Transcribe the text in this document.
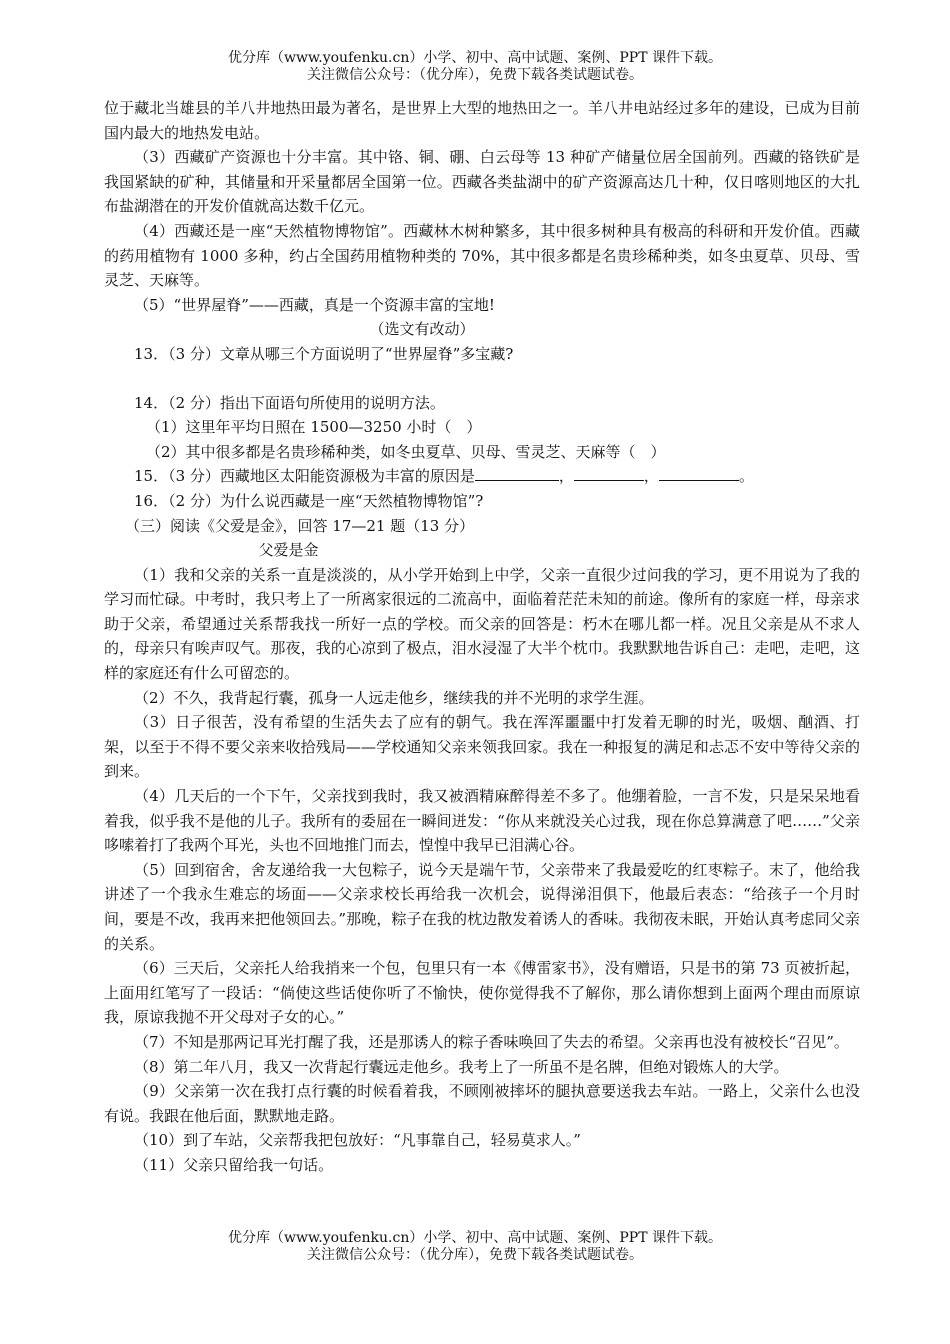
优分库（www.youfenku.cn）小学、初中、高中试题、案例、PPT 课件下载。
关注微信公众号：（优分库），免费下载各类试题试卷。

位于藏北当雄县的羊八井地热田最为著名，是世界上大型的地热田之一。羊八井电站经过多年的建设，已成为目前国内最大的地热发电站。

（3）西藏矿产资源也十分丰富。其中铬、铜、硼、白云母等 13 种矿产储量位居全国前列。西藏的铬铁矿是我国紧缺的矿种，其储量和开采量都居全国第一位。西藏各类盐湖中的矿产资源高达几十种，仅日喀则地区的大扎布盐湖潜在的开发价值就高达数千亿元。

（4）西藏还是一座“天然植物博物馆”。西藏林木树种繁多，其中很多树种具有极高的科研和开发价值。西藏的药用植物有 1000 多种，约占全国药用植物种类的 70%，其中很多都是名贵珍稀种类，如冬虫夏草、贝母、雪灵芝、天麻等。

（5）“世界屋脊”——西藏，真是一个资源丰富的宝地!

（选文有改动）

13．（3 分）文章从哪三个方面说明了“世界屋脊”多宝藏?

14．（2 分）指出下面语句所使用的说明方法。

（1）这里年平均日照在 1500—3250 小时（　）

（2）其中很多都是名贵珍稀种类，如冬虫夏草、贝母、雪灵芝、天麻等（　）

15．（3 分）西藏地区太阳能资源极为丰富的原因是	，	，	。

16．（2 分）为什么说西藏是一座“天然植物博物馆”?

（三）阅读《父爱是金》，回答 17—21 题（13 分）

父爱是金

（1）我和父亲的关系一直是淡淡的，从小学开始到上中学，父亲一直很少过问我的学习，更不用说为了我的学习而忙碌。中考时，我只考上了一所离家很远的二流高中，面临着茫茫未知的前途。像所有的家庭一样，母亲求助于父亲，希望通过关系帮我找一所好一点的学校。而父亲的回答是：朽木在哪儿都一样。况且父亲是从不求人的，母亲只有唉声叹气。那夜，我的心凉到了极点，泪水浸湿了大半个枕巾。我默默地告诉自己：走吧，走吧，这样的家庭还有什么可留恋的。

（2）不久，我背起行囊，孤身一人远走他乡，继续我的并不光明的求学生涯。

（3）日子很苦，没有希望的生活失去了应有的朝气。我在浑浑噩噩中打发着无聊的时光，吸烟、酗酒、打架，以至于不得不要父亲来收拾残局——学校通知父亲来领我回家。我在一种报复的满足和忐忑不安中等待父亲的到来。

（4）几天后的一个下午，父亲找到我时，我又被酒精麻醉得差不多了。他绷着脸，一言不发，只是呆呆地看着我，似乎我不是他的儿子。我所有的委屈在一瞬间迸发：“你从来就没关心过我，现在你总算满意了吧……”父亲哆嗦着打了我两个耳光，头也不回地推门而去，惶惶中我早已泪满心谷。

（5）回到宿舍，舍友递给我一大包粽子，说今天是端午节，父亲带来了我最爱吃的红枣粽子。末了，他给我讲述了一个我永生难忘的场面——父亲求校长再给我一次机会，说得涕泪俱下，他最后表态：“给孩子一个月时间，要是不改，我再来把他领回去。”那晚，粽子在我的枕边散发着诱人的香味。我彻夜未眠，开始认真考虑同父亲的关系。

（6）三天后，父亲托人给我捎来一个包，包里只有一本《傅雷家书》，没有赠语，只是书的第 73 页被折起，上面用红笔写了一段话：“倘使这些话使你听了不愉快，使你觉得我不了解你，那么请你想到上面两个理由而原谅我，原谅我抛不开父母对子女的心。”

（7）不知是那两记耳光打醒了我，还是那诱人的粽子香味唤回了失去的希望。父亲再也没有被校长“召见”。

（8）第二年八月，我又一次背起行囊远走他乡。我考上了一所虽不是名牌，但绝对锻炼人的大学。

（9）父亲第一次在我打点行囊的时候看着我，不顾刚被摔坏的腿执意要送我去车站。一路上，父亲什么也没有说。我跟在他后面，默默地走路。

（10）到了车站，父亲帮我把包放好：“凡事靠自己，轻易莫求人。”

（11）父亲只留给我一句话。

优分库（www.youfenku.cn）小学、初中、高中试题、案例、PPT 课件下载。
关注微信公众号：（优分库），免费下载各类试题试卷。
